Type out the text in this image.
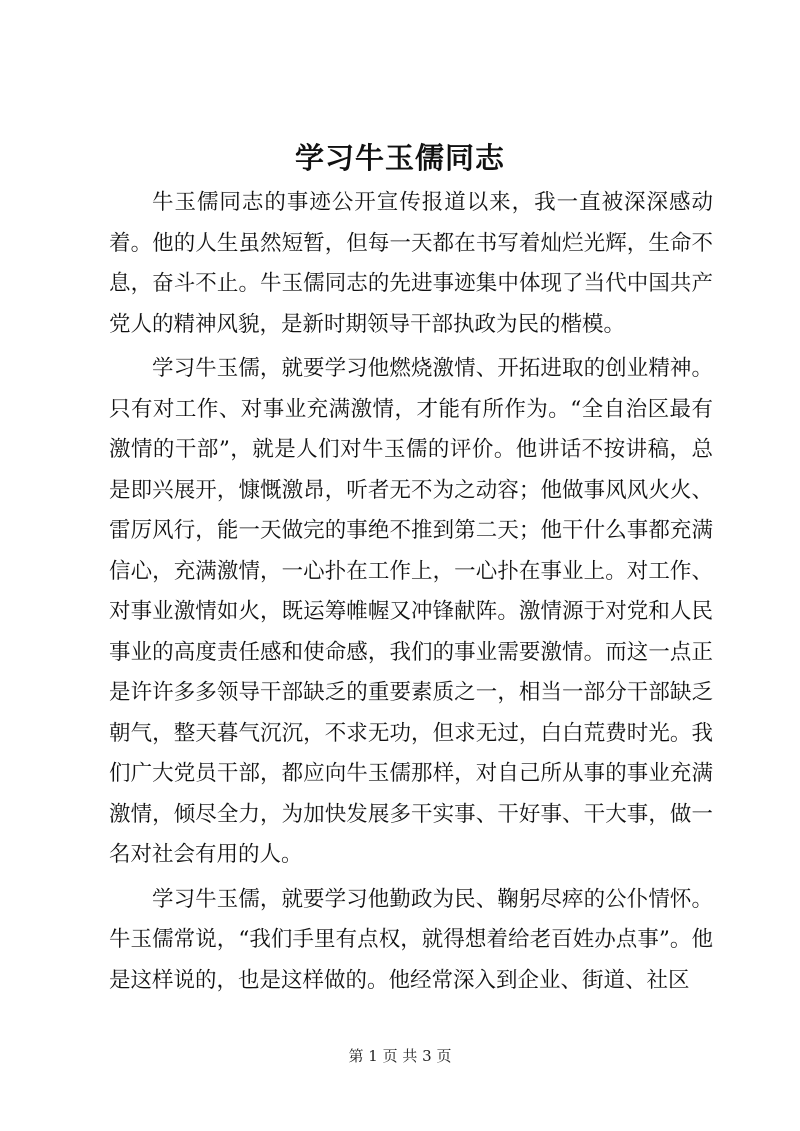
学习牛玉儒同志

牛玉儒同志的事迹公开宣传报道以来，我一直被深深感动着。他的人生虽然短暂，但每一天都在书写着灿烂光辉，生命不息，奋斗不止。牛玉儒同志的先进事迹集中体现了当代中国共产党人的精神风貌，是新时期领导干部执政为民的楷模。

学习牛玉儒，就要学习他燃烧激情、开拓进取的创业精神。只有对工作、对事业充满激情，才能有所作为。“全自治区最有激情的干部”，就是人们对牛玉儒的评价。他讲话不按讲稿，总是即兴展开，慷慨激昂，听者无不为之动容；他做事风风火火、雷厉风行，能一天做完的事绝不推到第二天；他干什么事都充满信心，充满激情，一心扑在工作上，一心扑在事业上。对工作、对事业激情如火，既运筹帷幄又冲锋献阵。激情源于对党和人民事业的高度责任感和使命感，我们的事业需要激情。而这一点正是许许多多领导干部缺乏的重要素质之一，相当一部分干部缺乏朝气，整天暮气沉沉，不求无功，但求无过，白白荒费时光。我们广大党员干部，都应向牛玉儒那样，对自己所从事的事业充满激情，倾尽全力，为加快发展多干实事、干好事、干大事，做一名对社会有用的人。

学习牛玉儒，就要学习他勤政为民、鞠躬尽瘁的公仆情怀。牛玉儒常说，“我们手里有点权，就得想着给老百姓办点事”。他是这样说的，也是这样做的。他经常深入到企业、街道、社区

第 1 页 共 3 页
